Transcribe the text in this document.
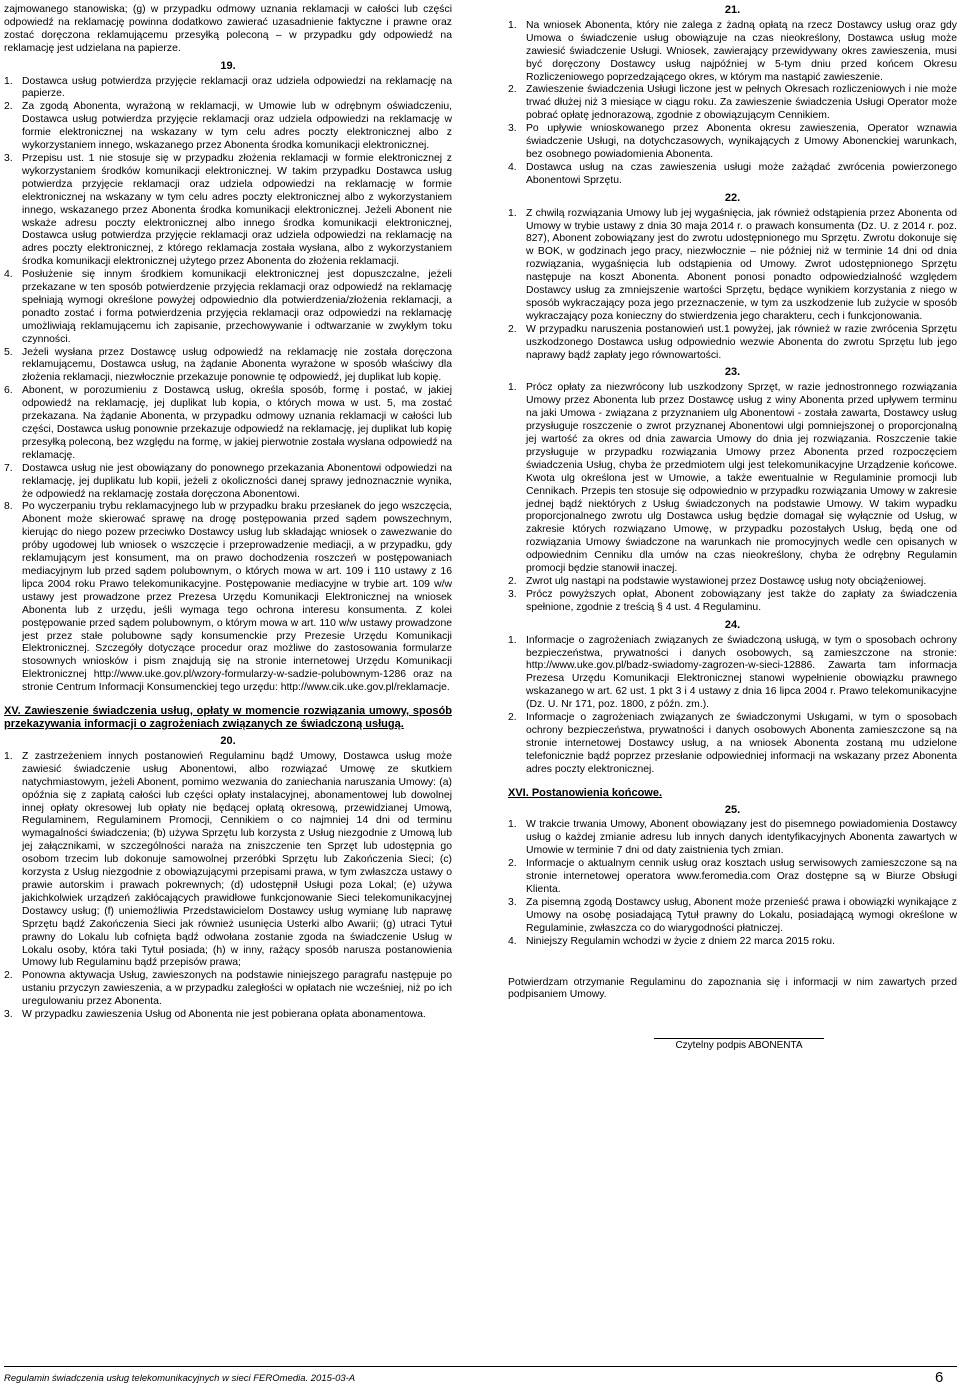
zajmowanego stanowiska; (g) w przypadku odmowy uznania reklamacji w całości lub części odpowiedź na reklamację powinna dodatkowo zawierać uzasadnienie faktyczne i prawne oraz zostać doręczona reklamującemu przesyłką poleconą – w przypadku gdy odpowiedź na reklamację jest udzielana na papierze.

19.
1. Dostawca usług potwierdza przyjęcie reklamacji oraz udziela odpowiedzi na reklamację na papierze.
2. Za zgodą Abonenta, wyrażoną w reklamacji, w Umowie lub w odrębnym oświadczeniu, Dostawca usług potwierdza przyjęcie reklamacji oraz udziela odpowiedzi na reklamację w formie elektronicznej na wskazany w tym celu adres poczty elektronicznej albo z wykorzystaniem innego, wskazanego przez Abonenta środka komunikacji elektronicznej.
3. Przepisu ust. 1 nie stosuje się w przypadku złożenia reklamacji w formie elektronicznej z wykorzystaniem środków komunikacji elektronicznej. W takim przypadku Dostawca usług potwierdza przyjęcie reklamacji oraz udziela odpowiedzi na reklamację w formie elektronicznej na wskazany w tym celu adres poczty elektronicznej albo z wykorzystaniem innego, wskazanego przez Abonenta środka komunikacji elektronicznej. Jeżeli Abonent nie wskaże adresu poczty elektronicznej albo innego środka komunikacji elektronicznej, Dostawca usług potwierdza przyjęcie reklamacji oraz udziela odpowiedzi na reklamację na adres poczty elektronicznej, z którego reklamacja została wysłana, albo z wykorzystaniem środka komunikacji elektronicznej użytego przez Abonenta do złożenia reklamacji.
4. Posłużenie się innym środkiem komunikacji elektronicznej jest dopuszczalne, jeżeli przekazane w ten sposób potwierdzenie przyjęcia reklamacji oraz odpowiedź na reklamację spełniają wymogi określone powyżej odpowiednio dla potwierdzenia/złożenia reklamacji, a ponadto zostać i forma potwierdzenia przyjęcia reklamacji oraz odpowiedzi na reklamację umożliwiają reklamującemu ich zapisanie, przechowywanie i odtwarzanie w zwykłym toku czynności.
5. Jeżeli wysłana przez Dostawcę usług odpowiedź na reklamację nie została doręczona reklamującemu, Dostawca usług, na żądanie Abonenta wyrażone w sposób właściwy dla złożenia reklamacji, niezwłocznie przekazuje ponownie tę odpowiedź, jej duplikat lub kopię.
6. Abonent, w porozumieniu z Dostawcą usług, określa sposób, formę i postać, w jakiej odpowiedź na reklamację, jej duplikat lub kopia, o których mowa w ust. 5, ma zostać przekazana. Na żądanie Abonenta, w przypadku odmowy uznania reklamacji w całości lub części, Dostawca usług ponownie przekazuje odpowiedź na reklamację, jej duplikat lub kopię przesyłką poleconą, bez względu na formę, w jakiej pierwotnie została wysłana odpowiedź na reklamację.
7. Dostawca usług nie jest obowiązany do ponownego przekazania Abonentowi odpowiedzi na reklamację, jej duplikatu lub kopii, jeżeli z okoliczności danej sprawy jednoznacznie wynika, że odpowiedź na reklamację została doręczona Abonentowi.
8. Po wyczerpaniu trybu reklamacyjnego lub w przypadku braku przesłanek do jego wszczęcia, Abonent może skierować sprawę na drogę postępowania przed sądem powszechnym, kierując do niego pozew przeciwko Dostawcy usług lub składając wniosek o zawezwanie do próby ugodowej lub wniosek o wszczęcie i przeprowadzenie mediacji, a w przypadku, gdy reklamującym jest konsument, ma on prawo dochodzenia roszczeń w postępowaniach mediacyjnym lub przed sądem polubownym, o których mowa w art. 109 i 110 ustawy z 16 lipca 2004 roku Prawo telekomunikacyjne. Postępowanie mediacyjne w trybie art. 109 w/w ustawy jest prowadzone przez Prezesa Urzędu Komunikacji Elektronicznej na wniosek Abonenta lub z urzędu, jeśli wymaga tego ochrona interesu konsumenta. Z kolei postępowanie przed sądem polubownym, o którym mowa w art. 110 w/w ustawy prowadzone jest przez stałe polubowne sądy konsumenckie przy Prezesie Urzędu Komunikacji Elektronicznej. Szczegóły dotyczące procedur oraz możliwe do zastosowania formularze stosownych wniosków i pism znajdują się na stronie internetowej Urzędu Komunikacji Elektronicznej http://www.uke.gov.pl/wzory-formularzy-w-sadzie-polubownym-1286 oraz na stronie Centrum Informacji Konsumenckiej tego urzędu: http://www.cik.uke.gov.pl/reklamacje.
XV. Zawieszenie świadczenia usług, opłaty w momencie rozwiązania umowy, sposób przekazywania informacji o zagrożeniach związanych ze świadczoną usługą.
20.
1. Z zastrzeżeniem innych postanowień Regulaminu bądź Umowy, Dostawca usług może zawiesić świadczenie usług Abonentowi, albo rozwiązać Umowę ze skutkiem natychmiastowym, jeżeli Abonent, pomimo wezwania do zaniechania naruszania Umowy: (a) opóźnia się z zapłatą całości lub części opłaty instalacyjnej, abonamentowej lub dowolnej innej opłaty okresowej lub opłaty nie będącej opłatą okresową, przewidzianej Umową, Regulaminem, Regulaminem Promocji, Cennikiem o co najmniej 14 dni od terminu wymagalności świadczenia; (b) używa Sprzętu lub korzysta z Usług niezgodnie z Umową lub jej załącznikami, w szczególności naraża na zniszczenie ten Sprzęt lub udostępnia go osobom trzecim lub dokonuje samowolnej przeróbki Sprzętu lub Zakończenia Sieci; (c) korzysta z Usług niezgodnie z obowiązującymi przepisami prawa, w tym zwłaszcza ustawy o prawie autorskim i prawach pokrewnych; (d) udostępnił Usługi poza Lokal; (e) używa jakichkolwiek urządzeń zakłócających prawidłowe funkcjonowanie Sieci telekomunikacyjnej Dostawcy usług; (f) uniemożliwia Przedstawicielom Dostawcy usług wymianę lub naprawę Sprzętu bądź Zakończenia Sieci jak również usunięcia Usterki albo Awarii; (g) utraci Tytuł prawny do Lokalu lub cofnięta bądź odwołana zostanie zgoda na świadczenie Usług w Lokalu osoby, która taki Tytuł posiada; (h) w inny, rażący sposób narusza postanowienia Umowy lub Regulaminu bądź przepisów prawa;
2. Ponowna aktywacja Usług, zawieszonych na podstawie niniejszego paragrafu następuje po ustaniu przyczyn zawieszenia, a w przypadku zaległości w opłatach nie wcześniej, niż po ich uregulowaniu przez Abonenta.
3. W przypadku zawieszenia Usług od Abonenta nie jest pobierana opłata abonamentowa.
21.
1. Na wniosek Abonenta, który nie zalega z żadną opłatą na rzecz Dostawcy usług oraz gdy Umowa o świadczenie usług obowiązuje na czas nieokreślony, Dostawca usług może zawiesić świadczenie Usługi. Wniosek, zawierający przewidywany okres zawieszenia, musi być doręczony Dostawcy usług najpóźniej w 5-tym dniu przed końcem Okresu Rozliczeniowego poprzedzającego okres, w którym ma nastąpić zawieszenie.
2. Zawieszenie świadczenia Usługi liczone jest w pełnych Okresach rozliczeniowych i nie może trwać dłużej niż 3 miesiące w ciągu roku. Za zawieszenie świadczenia Usługi Operator może pobrać opłatę jednorazową, zgodnie z obowiązującym Cennikiem.
3. Po upływie wnioskowanego przez Abonenta okresu zawieszenia, Operator wznawia świadczenie Usługi, na dotychczasowych, wynikających z Umowy Abonenckiej warunkach, bez osobnego powiadomienia Abonenta.
4. Dostawca usług na czas zawieszenia usługi może zażądać zwrócenia powierzonego Abonentowi Sprzętu.
22.
1. Z chwilą rozwiązania Umowy lub jej wygaśnięcia, jak również odstąpienia przez Abonenta od Umowy w trybie ustawy z dnia 30 maja 2014 r. o prawach konsumenta (Dz. U. z 2014 r. poz. 827), Abonent zobowiązany jest do zwrotu udostępnionego mu Sprzętu. Zwrotu dokonuje się w BOK, w godzinach jego pracy, niezwłocznie – nie później niż w terminie 14 dni od dnia rozwiązania, wygaśnięcia lub odstąpienia od Umowy. Zwrot udostępnionego Sprzętu następuje na koszt Abonenta. Abonent ponosi ponadto odpowiedzialność względem Dostawcy usług za zmniejszenie wartości Sprzętu, będące wynikiem korzystania z niego w sposób wykraczający poza jego przeznaczenie, w tym za uszkodzenie lub zużycie w sposób wykraczający poza konieczny do stwierdzenia jego charakteru, cech i funkcjonowania.
2. W przypadku naruszenia postanowień ust.1 powyżej, jak również w razie zwrócenia Sprzętu uszkodzonego Dostawca usług odpowiednio wezwie Abonenta do zwrotu Sprzętu lub jego naprawy bądź zapłaty jego równowartości.
23.
1. Prócz opłaty za niezwrócony lub uszkodzony Sprzęt, w razie jednostronnego rozwiązania Umowy przez Abonenta lub przez Dostawcę usług z winy Abonenta przed upływem terminu na jaki Umowa - związana z przyznaniem ulg Abonentowi - została zawarta, Dostawcy usług przysługuje roszczenie o zwrot przyznanej Abonentowi ulgi pomniejszonej o proporcjonalną jej wartość za okres od dnia zawarcia Umowy do dnia jej rozwiązania. Roszczenie takie przysługuje w przypadku rozwiązania Umowy przez Abonenta przed rozpoczęciem świadczenia Usług, chyba że przedmiotem ulgi jest telekomunikacyjne Urządzenie końcowe. Kwota ulg określona jest w Umowie, a także ewentualnie w Regulaminie promocji lub Cennikach. Przepis ten stosuje się odpowiednio w przypadku rozwiązania Umowy w zakresie jednej bądź niektórych z Usług świadczonych na podstawie Umowy. W takim wypadku proporcjonalnego zwrotu ulg Dostawca usług będzie domagał się wyłącznie od Usług, w zakresie których rozwiązano Umowę, w przypadku pozostałych Usług, będą one od rozwiązania Umowy świadczone na warunkach nie promocyjnych wedle cen opisanych w odpowiednim Cenniku dla umów na czas nieokreślony, chyba że odrębny Regulamin promocji będzie stanowił inaczej.
2. Zwrot ulg nastąpi na podstawie wystawionej przez Dostawcę usług noty obciążeniowej.
3. Prócz powyższych opłat, Abonent zobowiązany jest także do zapłaty za świadczenia spełnione, zgodnie z treścią § 4 ust. 4 Regulaminu.
24.
1. Informacje o zagrożeniach związanych ze świadczoną usługą, w tym o sposobach ochrony bezpieczeństwa, prywatności i danych osobowych, są zamieszczone na stronie: http://www.uke.gov.pl/badz-swiadomy-zagrozen-w-sieci-12886. Zawarta tam informacja Prezesa Urzędu Komunikacji Elektronicznej stanowi wypełnienie obowiązku prawnego wskazanego w art. 62 ust. 1 pkt 3 i 4 ustawy z dnia 16 lipca 2004 r. Prawo telekomunikacyjne (Dz. U. Nr 171, poz. 1800, z późn. zm.).
2. Informacje o zagrożeniach związanych ze świadczonymi Usługami, w tym o sposobach ochrony bezpieczeństwa, prywatności i danych osobowych Abonenta zamieszczone są na stronie internetowej Dostawcy usług, a na wniosek Abonenta zostaną mu udzielone telefonicznie bądź poprzez przesłanie odpowiedniej informacji na wskazany przez Abonenta adres poczty elektronicznej.
XVI. Postanowienia końcowe.
25.
1. W trakcie trwania Umowy, Abonent obowiązany jest do pisemnego powiadomienia Dostawcy usług o każdej zmianie adresu lub innych danych identyfikacyjnych Abonenta zawartych w Umowie w terminie 7 dni od daty zaistnienia tych zmian.
2. Informacje o aktualnym cennik usług oraz kosztach usług serwisowych zamieszczone są na stronie internetowej operatora www.feromedia.com Oraz dostępne są w Biurze Obsługi Klienta.
3. Za pisemną zgodą Dostawcy usług, Abonent może przenieść prawa i obowiązki wynikające z Umowy na osobę posiadającą Tytuł prawny do Lokalu, posiadającą wymogi określone w Regulaminie, zwłaszcza co do wiarygodności płatniczej.
4. Niniejszy Regulamin wchodzi w życie z dniem 22 marca 2015 roku.

Potwierdzam otrzymanie Regulaminu do zapoznania się i informacji w nim zawartych przed podpisaniem Umowy.

Czytelny podpis ABONENTA
Regulamin świadczenia usług telekomunikacyjnych w sieci FEROmedia. 2015-03-A	6
